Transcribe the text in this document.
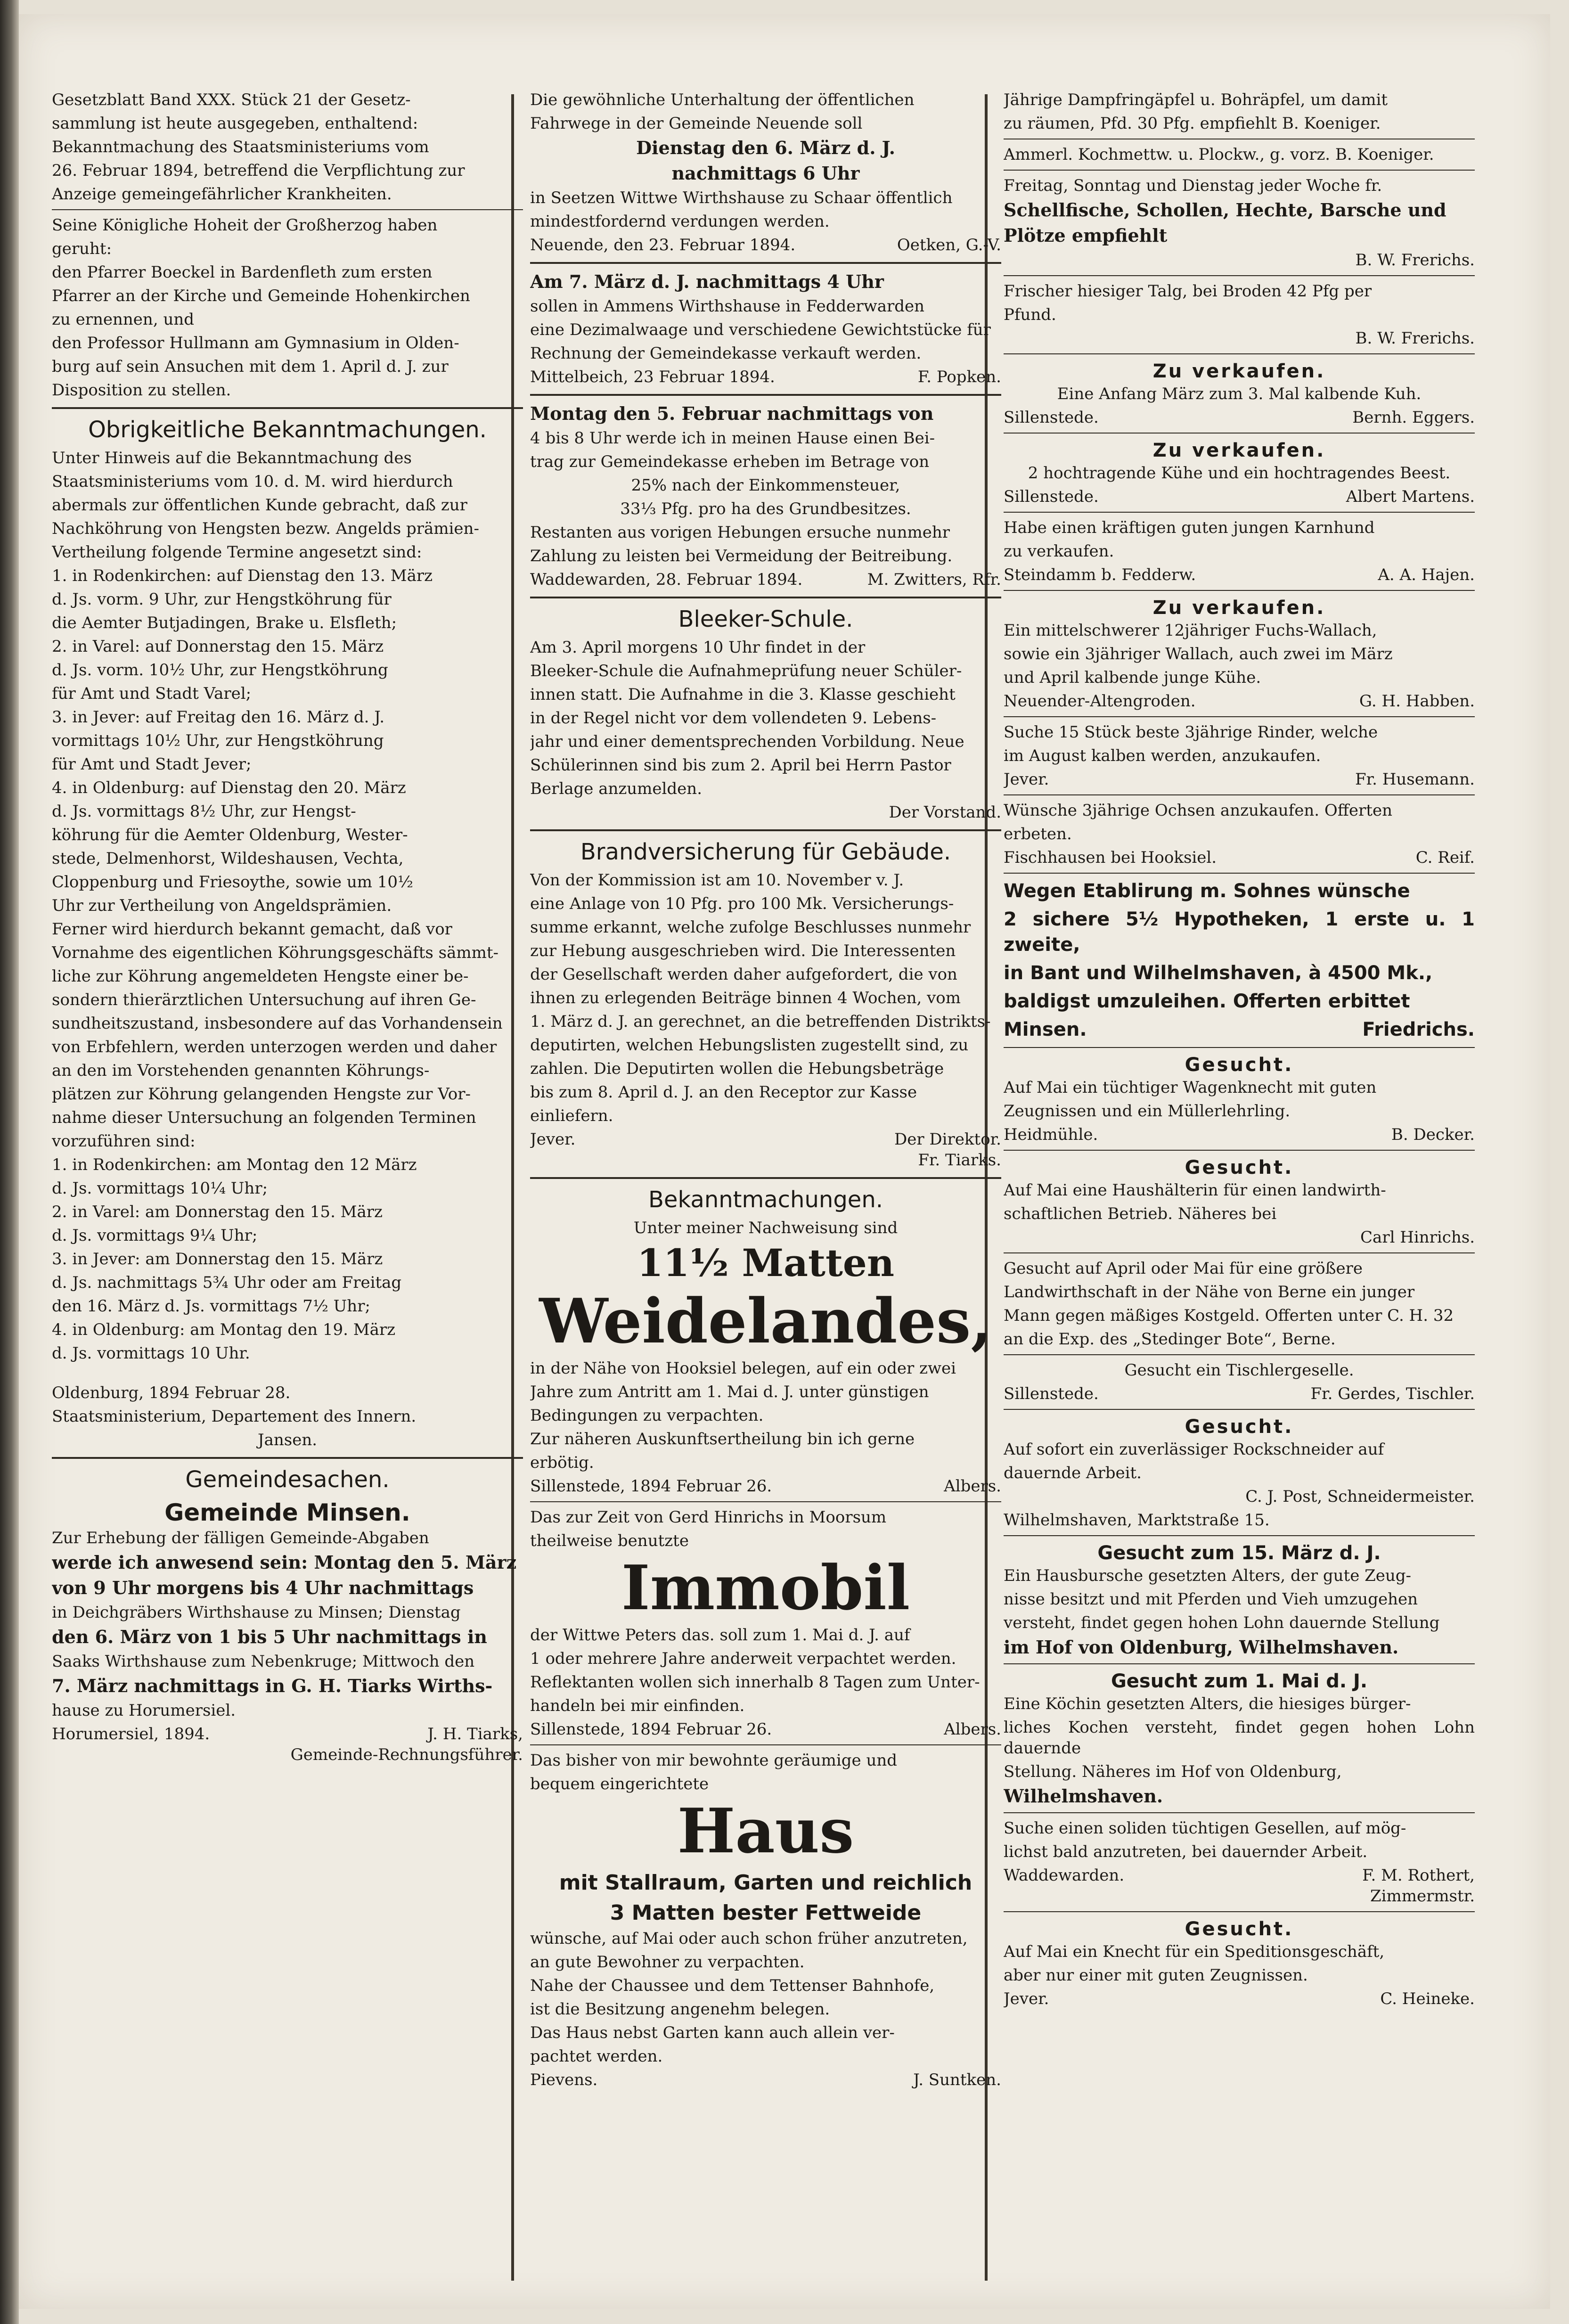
Gesetzblatt Band XXX. Stück 21 der Gesetz-

sammlung ist heute ausgegeben, enthaltend:

Bekanntmachung des Staatsministeriums vom

26. Februar 1894, betreffend die Verpflichtung zur

Anzeige gemeingefährlicher Krankheiten.

Seine Königliche Hoheit der Großherzog haben

geruht:

den Pfarrer Boeckel in Bardenfleth zum ersten

Pfarrer an der Kirche und Gemeinde Hohenkirchen

zu ernennen, und

den Professor Hullmann am Gymnasium in Olden-

burg auf sein Ansuchen mit dem 1. April d. J. zur

Disposition zu stellen.

Obrigkeitliche Bekanntmachungen.

Unter Hinweis auf die Bekanntmachung des

Staatsministeriums vom 10. d. M. wird hierdurch

abermals zur öffentlichen Kunde gebracht, daß zur

Nachköhrung von Hengsten bezw. Angelds prämien-

Vertheilung folgende Termine angesetzt sind:

1. in Rodenkirchen: auf Dienstag den 13. März

d. Js. vorm. 9 Uhr, zur Hengstköhrung für

die Aemter Butjadingen, Brake u. Elsfleth;

2. in Varel: auf Donnerstag den 15. März

d. Js. vorm. 10½ Uhr, zur Hengstköhrung

für Amt und Stadt Varel;

3. in Jever: auf Freitag den 16. März d. J.

vormittags 10½ Uhr, zur Hengstköhrung

für Amt und Stadt Jever;

4. in Oldenburg: auf Dienstag den 20. März

d. Js. vormittags 8½ Uhr, zur Hengst-

köhrung für die Aemter Oldenburg, Wester-

stede, Delmenhorst, Wildeshausen, Vechta,

Cloppenburg und Friesoythe, sowie um 10½

Uhr zur Vertheilung von Angeldsprämien.

Ferner wird hierdurch bekannt gemacht, daß vor

Vornahme des eigentlichen Köhrungsgeschäfts sämmt-

liche zur Köhrung angemeldeten Hengste einer be-

sondern thierärztlichen Untersuchung auf ihren Ge-

sundheitszustand, insbesondere auf das Vorhandensein

von Erbfehlern, werden unterzogen werden und daher

an den im Vorstehenden genannten Köhrungs-

plätzen zur Köhrung gelangenden Hengste zur Vor-

nahme dieser Untersuchung an folgenden Terminen

vorzuführen sind:

1. in Rodenkirchen: am Montag den 12 März

d. Js. vormittags 10¼ Uhr;

2. in Varel: am Donnerstag den 15. März

d. Js. vormittags 9¼ Uhr;

3. in Jever: am Donnerstag den 15. März

d. Js. nachmittags 5¾ Uhr oder am Freitag

den 16. März d. Js. vormittags 7½ Uhr;

4. in Oldenburg: am Montag den 19. März

d. Js. vormittags 10 Uhr.

Oldenburg, 1894 Februar 28.

Staatsministerium, Departement des Innern.

Jansen.

Gemeindesachen.
Gemeinde Minsen.

Zur Erhebung der fälligen Gemeinde-Abgaben

werde ich anwesend sein: Montag den 5. März

von 9 Uhr morgens bis 4 Uhr nachmittags

in Deichgräbers Wirthshause zu Minsen; Dienstag

den 6. März von 1 bis 5 Uhr nachmittags in

Saaks Wirthshause zum Nebenkruge; Mittwoch den

7. März nachmittags in G. H. Tiarks Wirths-

hause zu Horumersiel.

Horumersiel, 1894.	J. H. Tiarks,

Gemeinde-Rechnungsführer.

Die gewöhnliche Unterhaltung der öffentlichen

Fahrwege in der Gemeinde Neuende soll

Dienstag den 6. März d. J.

nachmittags 6 Uhr

in Seetzen Wittwe Wirthshause zu Schaar öffentlich

mindestfordernd verdungen werden.

Neuende, den 23. Februar 1894.	Oetken, G.-V.

Am 7. März d. J. nachmittags 4 Uhr

sollen in Ammens Wirthshause in Fedderwarden

eine Dezimalwaage und verschiedene Gewichtstücke für

Rechnung der Gemeindekasse verkauft werden.

Mittelbeich, 23 Februar 1894.	F. Popken.

Montag den 5. Februar nachmittags von

4 bis 8 Uhr werde ich in meinen Hause einen Bei-

trag zur Gemeindekasse erheben im Betrage von

25% nach der Einkommensteuer,

33⅓ Pfg. pro ha des Grundbesitzes.

Restanten aus vorigen Hebungen ersuche nunmehr

Zahlung zu leisten bei Vermeidung der Beitreibung.

Waddewarden, 28. Februar 1894.	M. Zwitters, Rfr.
Bleeker-Schule.

Am 3. April morgens 10 Uhr findet in der

Bleeker-Schule die Aufnahmeprüfung neuer Schüler-

innen statt. Die Aufnahme in die 3. Klasse geschieht

in der Regel nicht vor dem vollendeten 9. Lebens-

jahr und einer dementsprechenden Vorbildung. Neue

Schülerinnen sind bis zum 2. April bei Herrn Pastor

Berlage anzumelden.

Der Vorstand.

Brandversicherung für Gebäude.

Von der Kommission ist am 10. November v. J.

eine Anlage von 10 Pfg. pro 100 Mk. Versicherungs-

summe erkannt, welche zufolge Beschlusses nunmehr

zur Hebung ausgeschrieben wird. Die Interessenten

der Gesellschaft werden daher aufgefordert, die von

ihnen zu erlegenden Beiträge binnen 4 Wochen, vom

1. März d. J. an gerechnet, an die betreffenden Distrikts-

deputirten, welchen Hebungslisten zugestellt sind, zu

zahlen. Die Deputirten wollen die Hebungsbeträge

bis zum 8. April d. J. an den Receptor zur Kasse

einliefern.

Jever.	Der Direktor.

Fr. Tiarks.

Bekanntmachungen.

Unter meiner Nachweisung sind

11½ Matten
Weidelandes,

in der Nähe von Hooksiel belegen, auf ein oder zwei

Jahre zum Antritt am 1. Mai d. J. unter günstigen

Bedingungen zu verpachten.

Zur näheren Auskunftsertheilung bin ich gerne

erbötig.

Sillenstede, 1894 Februar 26.	Albers.

Das zur Zeit von Gerd Hinrichs in Moorsum

theilweise benutzte

Immobil

der Wittwe Peters das. soll zum 1. Mai d. J. auf

1 oder mehrere Jahre anderweit verpachtet werden.

Reflektanten wollen sich innerhalb 8 Tagen zum Unter-

handeln bei mir einfinden.

Sillenstede, 1894 Februar 26.	Albers.

Das bisher von mir bewohnte geräumige und

bequem eingerichtete

Haus
mit Stallraum, Garten und reichlich
3 Matten bester Fettweide

wünsche, auf Mai oder auch schon früher anzutreten,

an gute Bewohner zu verpachten.

Nahe der Chaussee und dem Tettenser Bahnhofe,

ist die Besitzung angenehm belegen.

Das Haus nebst Garten kann auch allein ver-

pachtet werden.

Pievens.	J. Suntken.

Jährige Dampfringäpfel u. Bohräpfel, um damit

zu räumen, Pfd. 30 Pfg. empfiehlt B. Koeniger.

Ammerl. Kochmettw. u. Plockw., g. vorz. B. Koeniger.

Freitag, Sonntag und Dienstag jeder Woche fr.

Schellfische, Schollen, Hechte, Barsche und

Plötze empfiehlt

B. W. Frerichs.

Frischer hiesiger Talg, bei Broden 42 Pfg per

Pfund.

B. W. Frerichs.

Zu verkaufen.

Eine Anfang März zum 3. Mal kalbende Kuh.

Sillenstede.	Bernh. Eggers.
Zu verkaufen.

2 hochtragende Kühe und ein hochtragendes Beest.

Sillenstede.	Albert Martens.

Habe einen kräftigen guten jungen Karnhund

zu verkaufen.

Steindamm b. Fedderw.	A. A. Hajen.
Zu verkaufen.

Ein mittelschwerer 12jähriger Fuchs-Wallach,

sowie ein 3jähriger Wallach, auch zwei im März

und April kalbende junge Kühe.

Neuender-Altengroden.	G. H. Habben.

Suche 15 Stück beste 3jährige Rinder, welche

im August kalben werden, anzukaufen.

Jever.	Fr. Husemann.

Wünsche 3jährige Ochsen anzukaufen. Offerten

erbeten.

Fischhausen bei Hooksiel.	C. Reif.

Wegen Etablirung m. Sohnes wünsche

2 sichere 5½ Hypotheken, 1 erste u. 1 zweite,

in Bant und Wilhelmshaven, à 4500 Mk.,

baldigst umzuleihen. Offerten erbittet

Minsen.	Friedrichs.
Gesucht.

Auf Mai ein tüchtiger Wagenknecht mit guten

Zeugnissen und ein Müllerlehrling.

Heidmühle.	B. Decker.
Gesucht.

Auf Mai eine Haushälterin für einen landwirth-

schaftlichen Betrieb. Näheres bei

Carl Hinrichs.

Gesucht auf April oder Mai für eine größere

Landwirthschaft in der Nähe von Berne ein junger

Mann gegen mäßiges Kostgeld. Offerten unter C. H. 32

an die Exp. des „Stedinger Bote“, Berne.

Gesucht ein Tischlergeselle.

Sillenstede.	Fr. Gerdes, Tischler.
Gesucht.

Auf sofort ein zuverlässiger Rockschneider auf

dauernde Arbeit.

C. J. Post, Schneidermeister.

Wilhelmshaven, Marktstraße 15.

Gesucht zum 15. März d. J.

Ein Hausbursche gesetzten Alters, der gute Zeug-

nisse besitzt und mit Pferden und Vieh umzugehen

versteht, findet gegen hohen Lohn dauernde Stellung

im Hof von Oldenburg, Wilhelmshaven.

Gesucht zum 1. Mai d. J.

Eine Köchin gesetzten Alters, die hiesiges bürger-

liches Kochen versteht, findet gegen hohen Lohn dauernde

Stellung. Näheres im Hof von Oldenburg,

Wilhelmshaven.

Suche einen soliden tüchtigen Gesellen, auf mög-

lichst bald anzutreten, bei dauernder Arbeit.

Waddewarden.	F. M. Rothert,

Zimmermstr.

Gesucht.

Auf Mai ein Knecht für ein Speditionsgeschäft,

aber nur einer mit guten Zeugnissen.

Jever.	C. Heineke.
